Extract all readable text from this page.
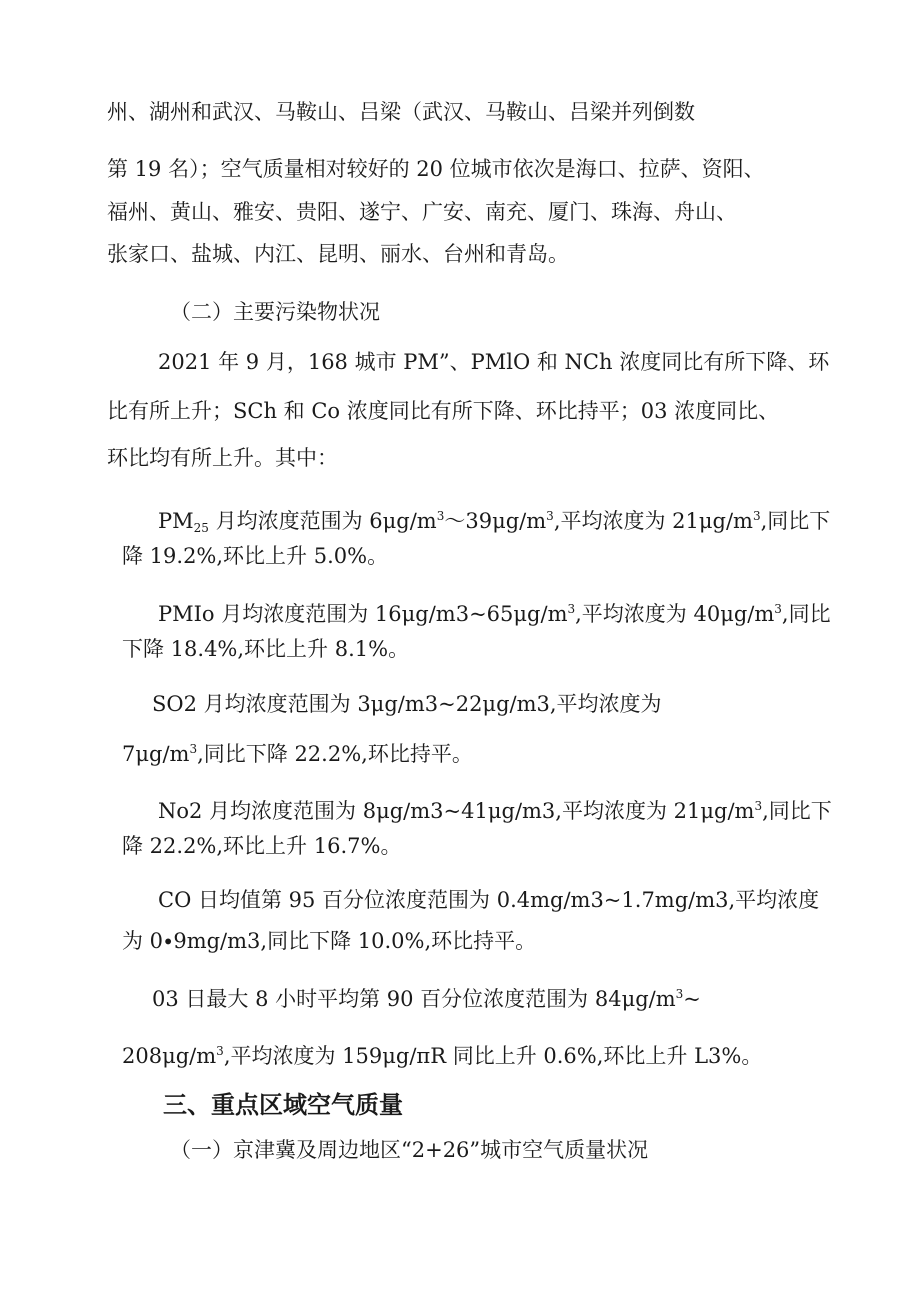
州、湖州和武汉、马鞍山、吕梁（武汉、马鞍山、吕梁并列倒数
第 19 名）；空气质量相对较好的 20 位城市依次是海口、拉萨、资阳、
福州、黄山、雅安、贵阳、遂宁、广安、南充、厦门、珠海、舟山、
张家口、盐城、内江、昆明、丽水、台州和青岛。
（二）主要污染物状况
2021 年 9 月，168 城市 PM”、PMlO 和 NCh 浓度同比有所下降、环
比有所上升；SCh 和 Co 浓度同比有所下降、环比持平；03 浓度同比、
环比均有所上升。其中：
$PM_{25}$ 月均浓度范围为 $6\mu g∕m^3\sim 39\mu g∕m^3$,平均浓度为 $21\mu g∕m^3$,同比下
降 19.2%,环比上升 5.0%。
PMIo 月均浓度范围为 $16\mu g∕m3\sim 65\mu g∕m^3$,平均浓度为 $40\mu g∕m^3$,同比
下降 18.4%,环比上升 8.1%。
SO2 月均浓度范围为 3μg∕m3~22μg∕m3,平均浓度为
$7\mu g∕m^3$,同比下降 22.2%,环比持平。
No2 月均浓度范围为 8μg∕m3~41μg∕m3,平均浓度为 $21\mu g∕m^3$,同比下
降 22.2%,环比上升 16.7%。
CO 日均值第 95 百分位浓度范围为 0.4mg∕m3~1.7mg∕m3,平均浓度
为 0∙9mg∕m3,同比下降 10.0%,环比持平。
03 日最大 8 小时平均第 90 百分位浓度范围为 $84\mu g∕m^3\sim$
$208\mu g∕m^3$,平均浓度为 159μg∕πR 同比上升 0.6%,环比上升 L3%。
三、重点区域空气质量
（一）京津冀及周边地区“2+26”城市空气质量状况
